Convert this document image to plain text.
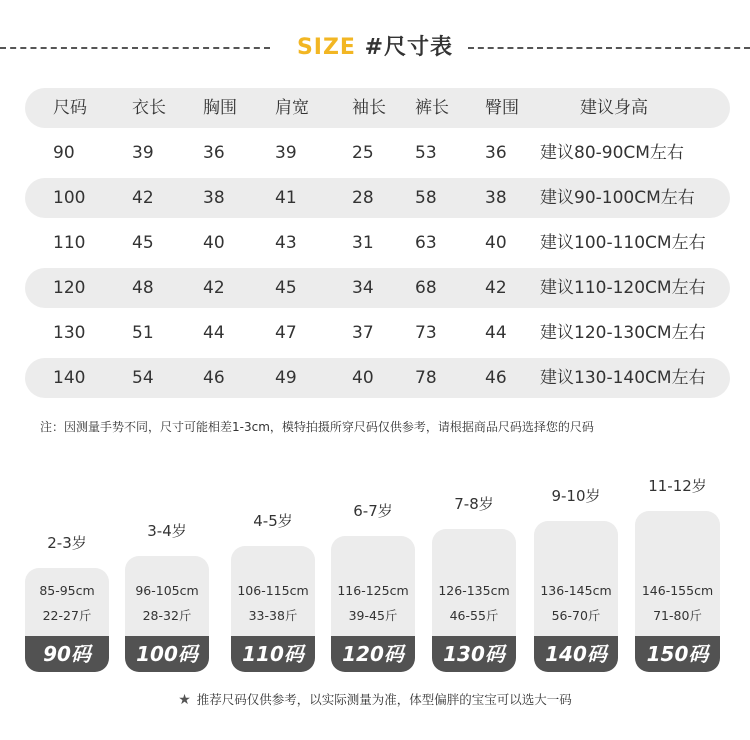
SIZE #尺寸表
尺码	衣长 胸围 肩宽	袖长 裤长 臀围	建议身高
90	39	36	39	25 53	36 建议80-90CM左右
100	42	38	41	28 58	38 建议90-100CM左右
110	45	40	43	31 63	40 建议100-110CM左右
120	48	42	45	34 68	42 建议110-120CM左右
130	51	44	47	37 73	44 建议120-130CM左右
140	54	46	49	40 78	46 建议130-140CM左右
注：因测量手势不同，尺寸可能相差1-3cm，模特拍摄所穿尺码仅供参考，请根据商品尺码选择您的尺码
2-3岁
85-95cm
22-27斤
90码
3-4岁
96-105cm
28-32斤
100码
4-5岁
106-115cm
33-38斤
110码
6-7岁
116-125cm
39-45斤
120码
7-8岁
126-135cm
46-55斤
130码
9-10岁
136-145cm
56-70斤
140码
11-12岁
146-155cm
71-80斤
150码
★ 推荐尺码仅供参考，以实际测量为准，体型偏胖的宝宝可以选大一码
